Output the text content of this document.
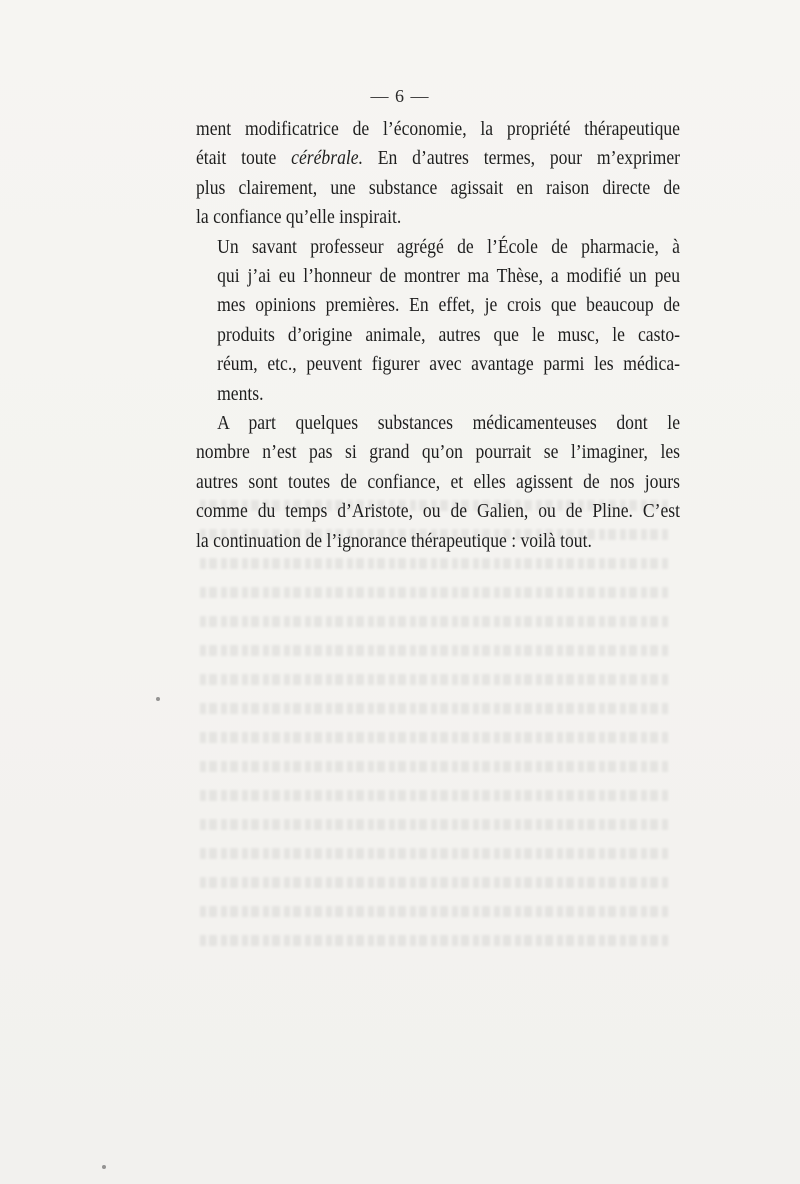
— 6 —

ment modificatrice de l’économie, la propriété thérapeutique
était toute cérébrale. En d’autres termes, pour m’exprimer
plus clairement, une substance agissait en raison directe de
la confiance qu’elle inspirait.

Un savant professeur agrégé de l’École de pharmacie, à
qui j’ai eu l’honneur de montrer ma Thèse, a modifié un peu
mes opinions premières. En effet, je crois que beaucoup de
produits d’origine animale, autres que le musc, le casto-
réum, etc., peuvent figurer avec avantage parmi les médica-
ments.

A part quelques substances médicamenteuses dont le
nombre n’est pas si grand qu’on pourrait se l’imaginer, les
autres sont toutes de confiance, et elles agissent de nos jours
comme du temps d’Aristote, ou de Galien, ou de Pline. C’est
la continuation de l’ignorance thérapeutique : voilà tout.
